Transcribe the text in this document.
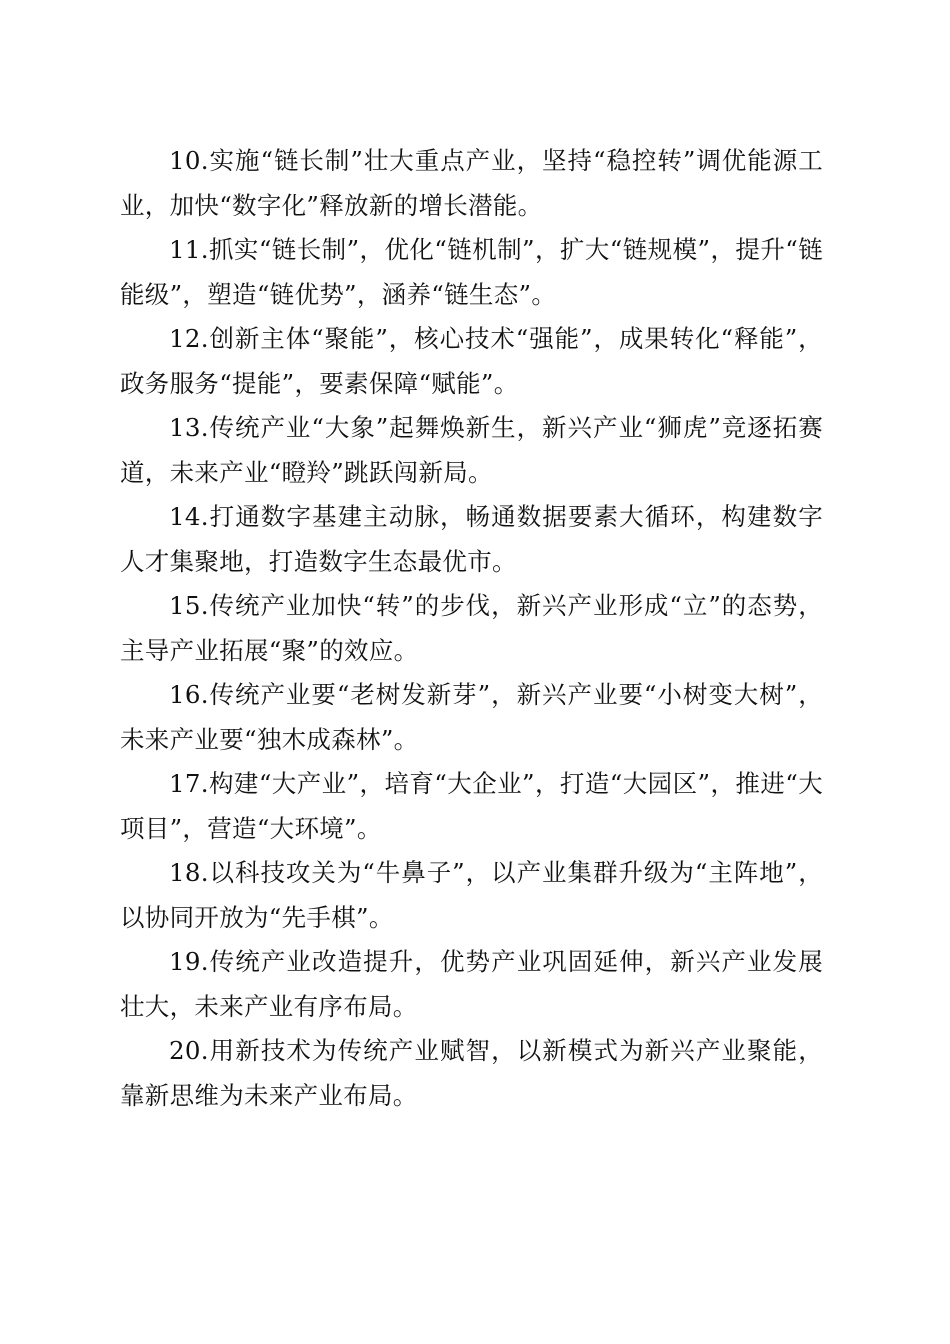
10.实施“链长制”壮大重点产业，坚持“稳控转”调优能源工业，加快“数字化”释放新的增长潜能。

11.抓实“链长制”，优化“链机制”，扩大“链规模”，提升“链能级”，塑造“链优势”，涵养“链生态”。

12.创新主体“聚能”，核心技术“强能”，成果转化“释能”，政务服务“提能”，要素保障“赋能”。

13.传统产业“大象”起舞焕新生，新兴产业“狮虎”竞逐拓赛道，未来产业“瞪羚”跳跃闯新局。

14.打通数字基建主动脉，畅通数据要素大循环，构建数字人才集聚地，打造数字生态最优市。

15.传统产业加快“转”的步伐，新兴产业形成“立”的态势，主导产业拓展“聚”的效应。

16.传统产业要“老树发新芽”，新兴产业要“小树变大树”，未来产业要“独木成森林”。

17.构建“大产业”，培育“大企业”，打造“大园区”，推进“大项目”，营造“大环境”。

18.以科技攻关为“牛鼻子”，以产业集群升级为“主阵地”，以协同开放为“先手棋”。

19.传统产业改造提升，优势产业巩固延伸，新兴产业发展壮大，未来产业有序布局。

20.用新技术为传统产业赋智，以新模式为新兴产业聚能，靠新思维为未来产业布局。
